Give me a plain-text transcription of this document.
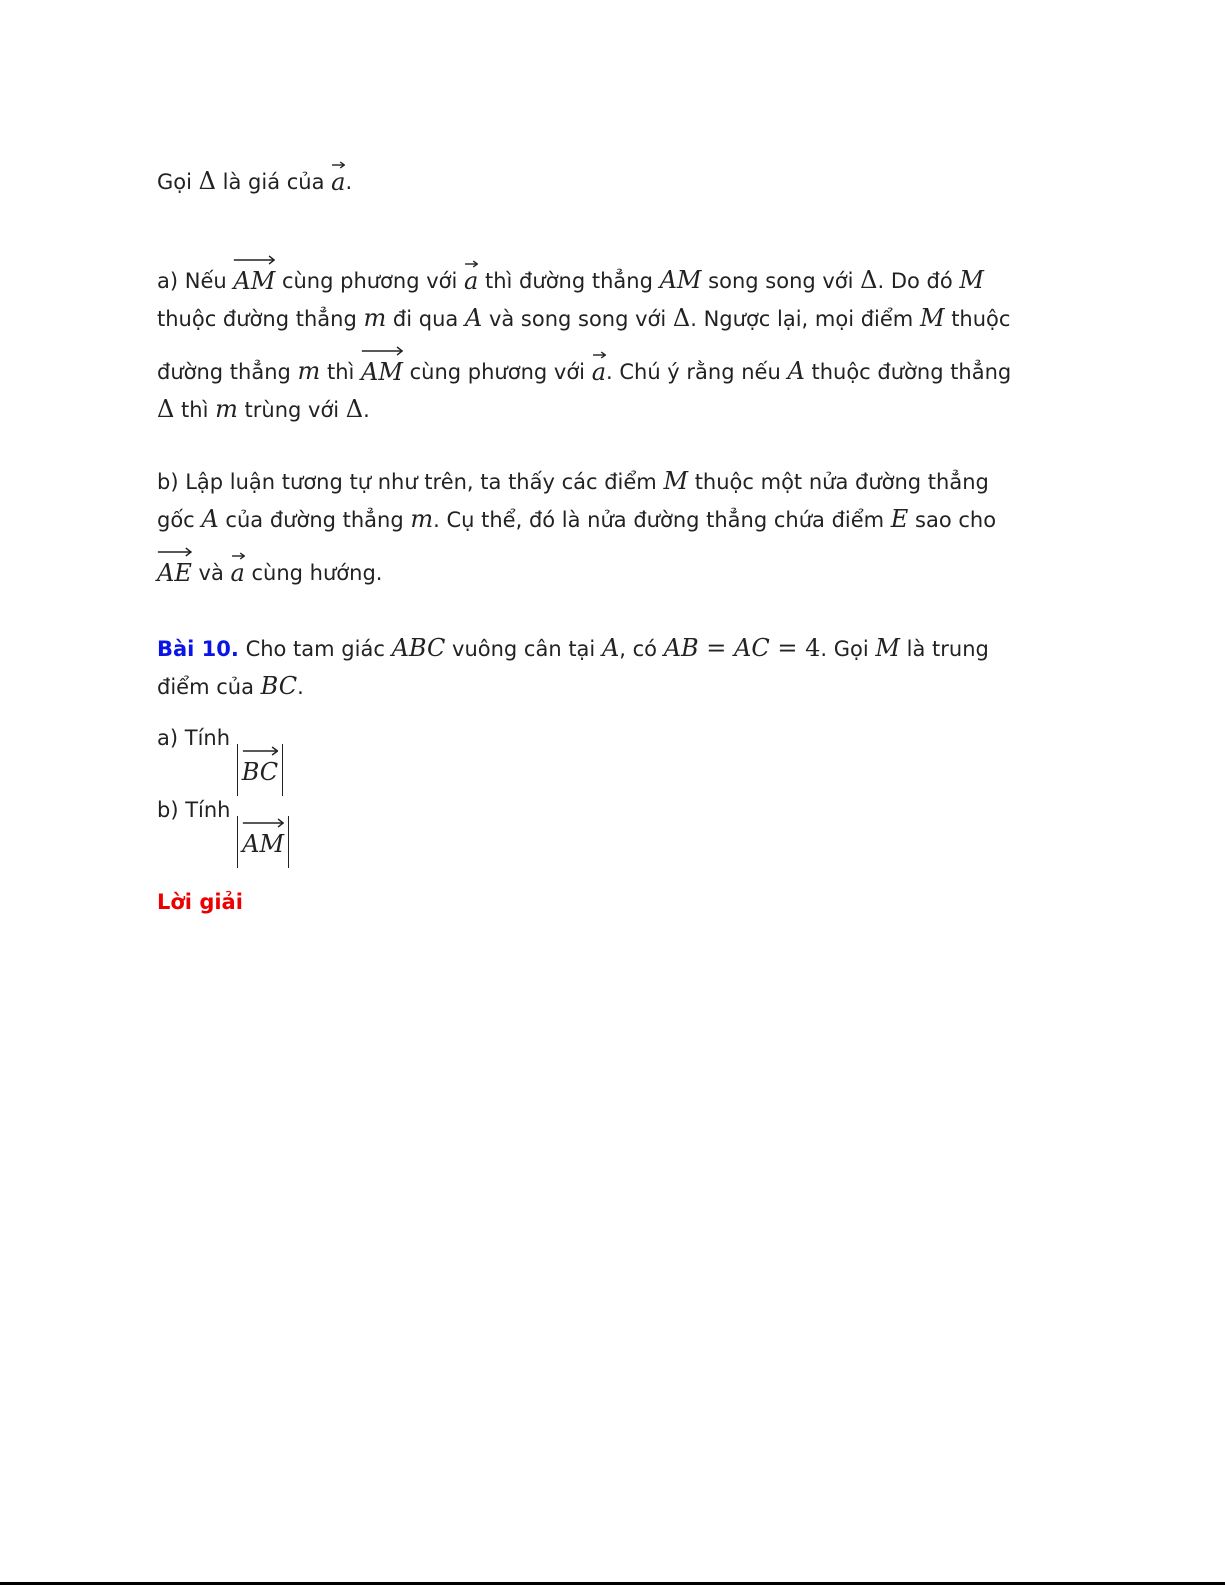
Gọi Δ là giá của
a.

a) Nếu
AM cùng phương với
a thì đường thẳng AM song song với Δ. Do đó M
thuộc đường thẳng m đi qua A và song song với Δ. Ngược lại, mọi điểm M thuộc
đường thẳng m thì
AM cùng phương với
a. Chú ý rằng nếu A thuộc đường thẳng
Δ thì m trùng với Δ.
b) Lập luận tương tự như trên, ta thấy các điểm M thuộc một nửa đường thẳng
gốc A của đường thẳng m. Cụ thể, đó là nửa đường thẳng chứa điểm E sao cho
AE và
a cùng hướng.
Bài 10. Cho tam giác ABC vuông cân tại A, có AB = AC = 4. Gọi M là trung
điểm của BC.
a) Tính
BC
b) Tính
AM

Lời giải
